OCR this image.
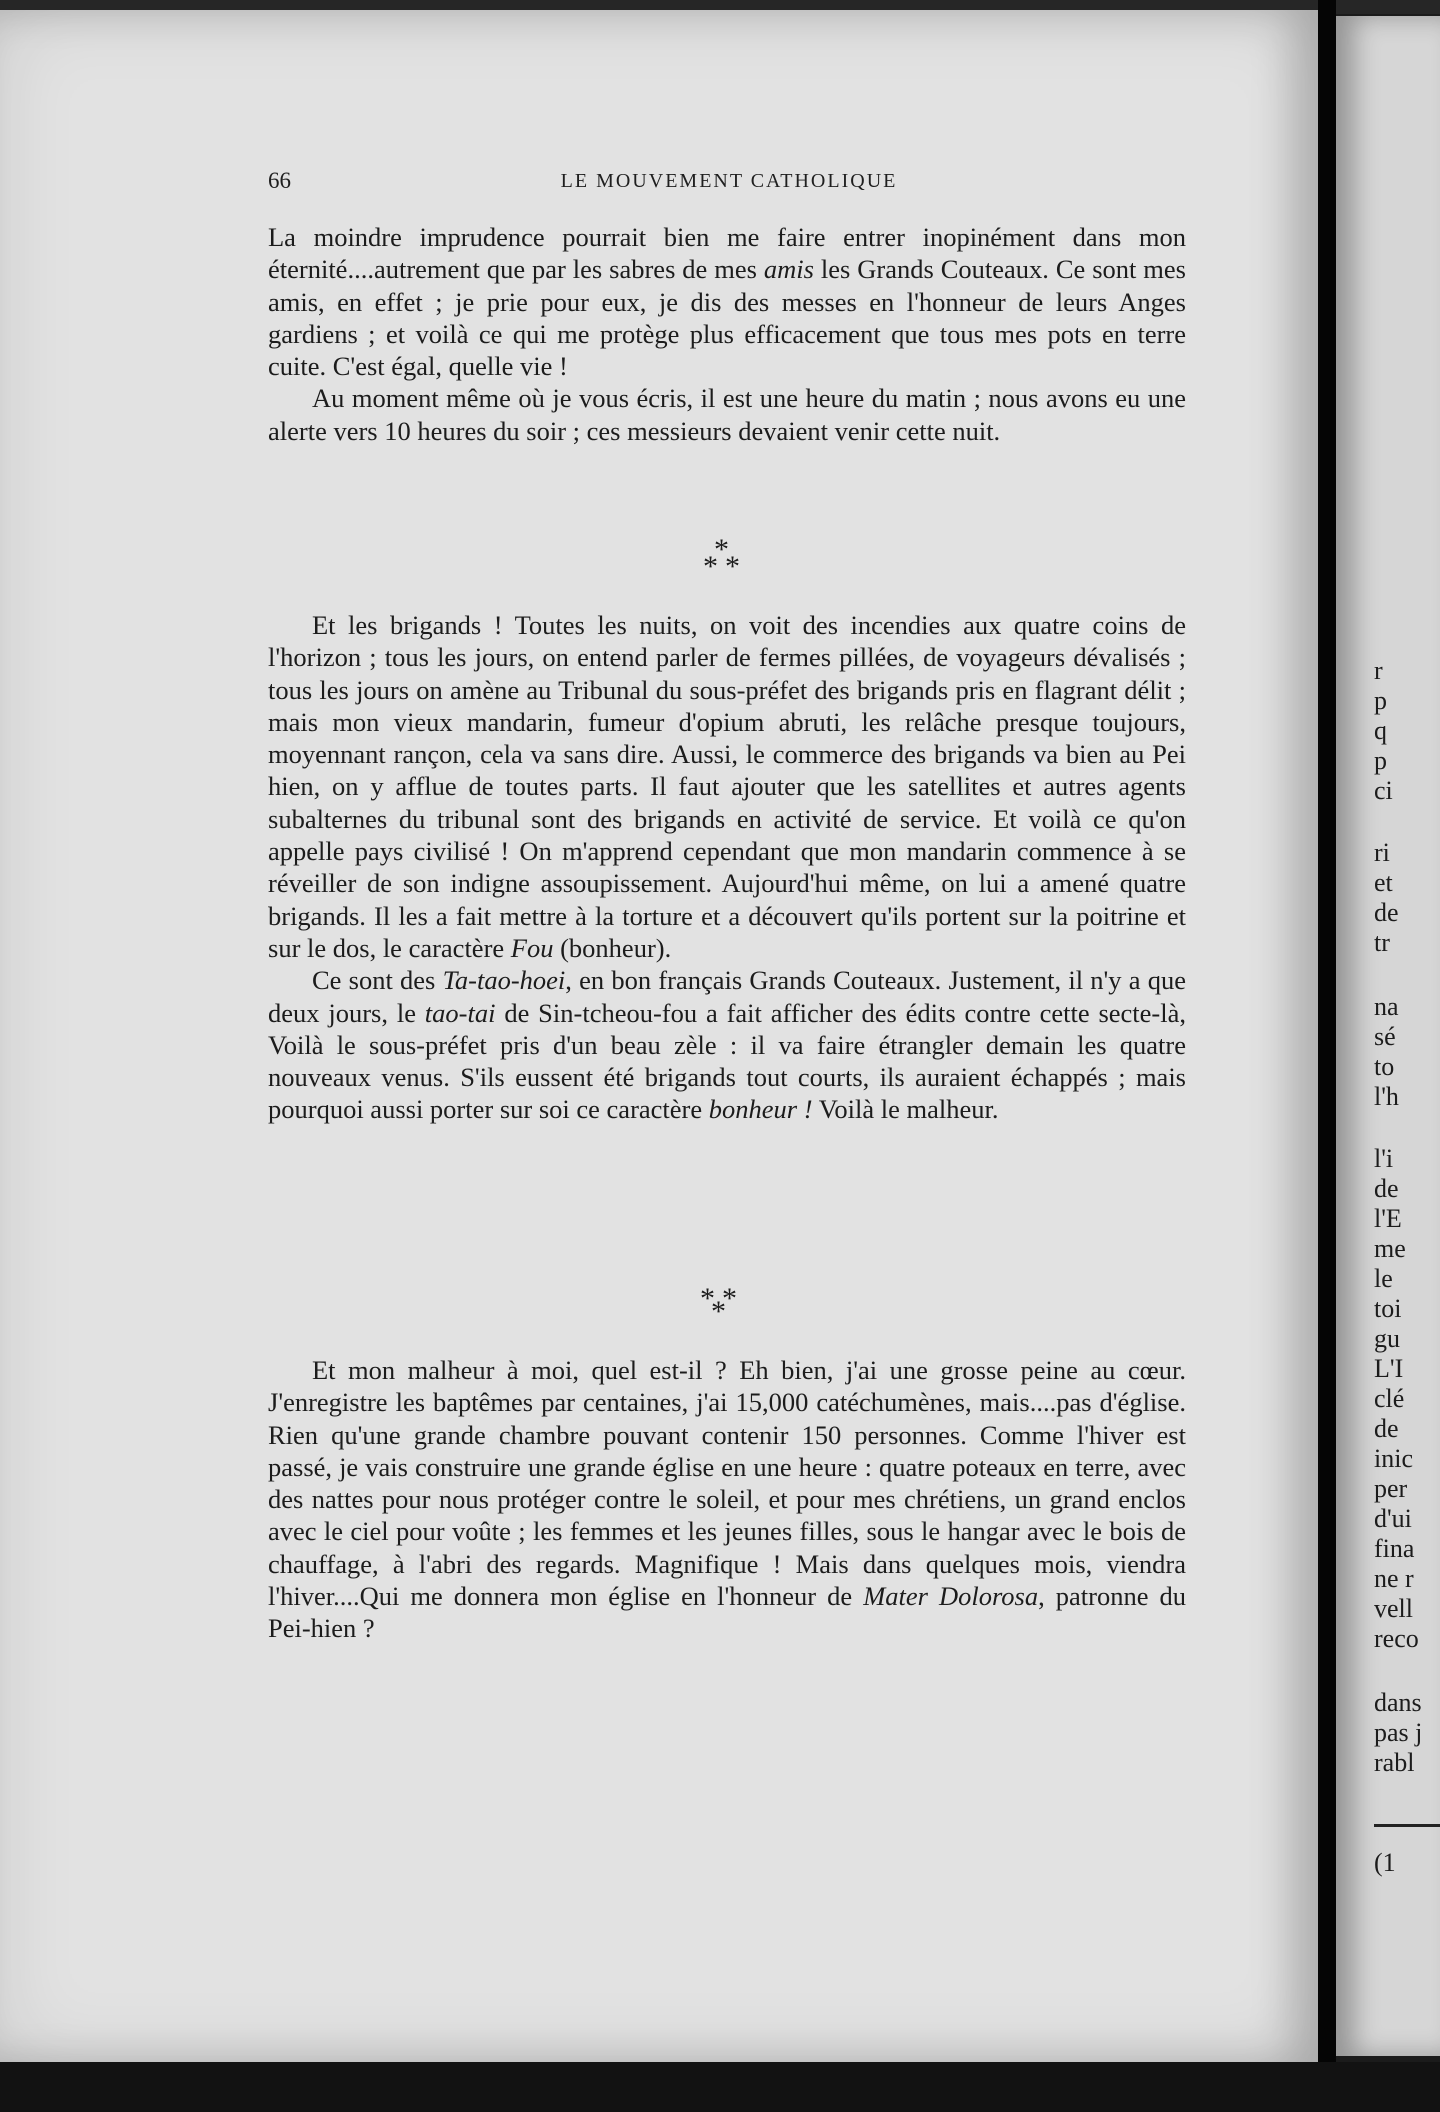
66	LE MOUVEMENT CATHOLIQUE

La moindre imprudence pourrait bien me faire entrer inopinément dans mon éternité....autrement que par les sabres de mes amis les Grands Couteaux. Ce sont mes amis, en effet ; je prie pour eux, je dis des messes en l'honneur de leurs Anges gardiens ; et voilà ce qui me protège plus efficacement que tous mes pots en terre cuite. C'est égal, quelle vie !

Au moment même où je vous écris, il est une heure du matin ; nous avons eu une alerte vers 10 heures du soir ; ces messieurs devaient venir cette nuit.

*
*
*

Et les brigands ! Toutes les nuits, on voit des incendies aux quatre coins de l'horizon ; tous les jours, on entend parler de fermes pillées, de voyageurs dévalisés ; tous les jours on amène au Tribunal du sous-préfet des brigands pris en flagrant délit ; mais mon vieux mandarin, fumeur d'opium abruti, les relâche presque toujours, moyennant rançon, cela va sans dire. Aussi, le commerce des brigands va bien au Pei hien, on y afflue de toutes parts. Il faut ajouter que les satellites et autres agents subalternes du tribunal sont des brigands en activité de service. Et voilà ce qu'on appelle pays civilisé ! On m'apprend cependant que mon mandarin commence à se réveiller de son indigne assoupissement. Aujourd'hui même, on lui a amené quatre brigands. Il les a fait mettre à la torture et a découvert qu'ils portent sur la poitrine et sur le dos, le caractère Fou (bonheur).

Ce sont des Ta-tao-hoei, en bon français Grands Couteaux. Justement, il n'y a que deux jours, le tao-tai de Sin-tcheou-fou a fait afficher des édits contre cette secte-là, Voilà le sous-préfet pris d'un beau zèle : il va faire étrangler demain les quatre nouveaux venus. S'ils eussent été brigands tout courts, ils auraient échappés ; mais pourquoi aussi porter sur soi ce caractère bonheur ! Voilà le malheur.

*
*
*

Et mon malheur à moi, quel est-il ? Eh bien, j'ai une grosse peine au cœur. J'enregistre les baptêmes par centaines, j'ai 15,000 catéchumènes, mais....pas d'église. Rien qu'une grande chambre pouvant contenir 150 personnes. Comme l'hiver est passé, je vais construire une grande église en une heure : quatre poteaux en terre, avec des nattes pour nous protéger contre le soleil, et pour mes chrétiens, un grand enclos avec le ciel pour voûte ; les femmes et les jeunes filles, sous le hangar avec le bois de chauffage, à l'abri des regards. Magnifique ! Mais dans quelques mois, viendra l'hiver....Qui me donnera mon église en l'honneur de Mater Dolorosa, patronne du Pei-hien ?

r
p
q
p
ci
ri
et
de
tr
na
sé
to
l'h
l'i
de
l'E
me
le
toi
gu
L'I
clé
de
inic
per
d'ui
fina
ne r
vell
reco
dans
pas j
rabl
(1
